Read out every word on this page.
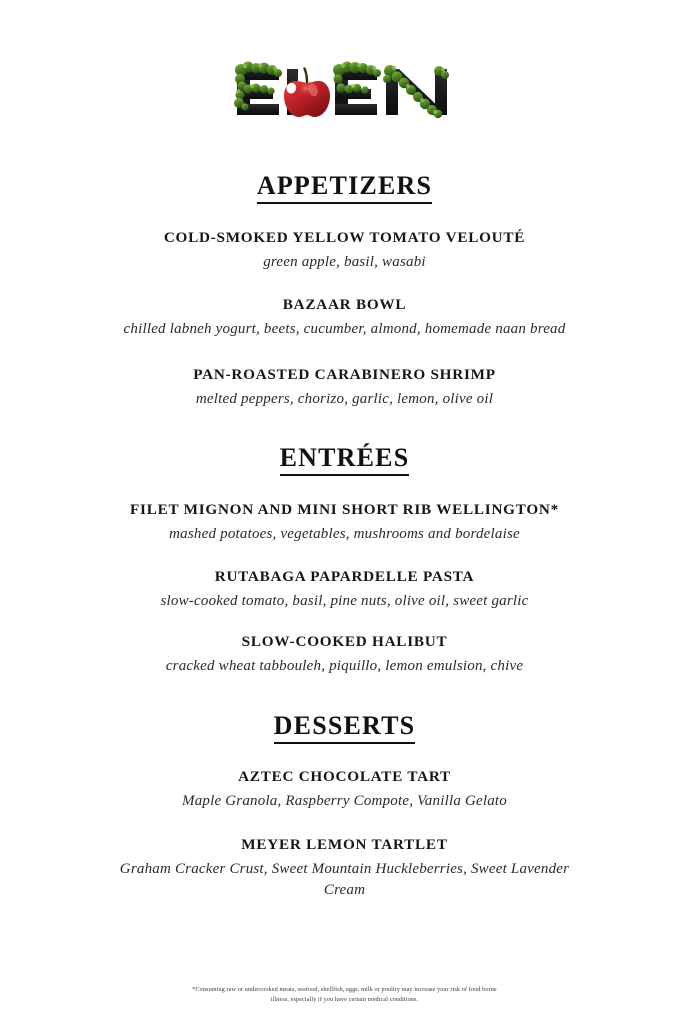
APPETIZERS
COLD-SMOKED YELLOW TOMATO VELOUTÉ
green apple, basil, wasabi
BAZAAR BOWL
chilled labneh yogurt, beets, cucumber, almond, homemade naan bread
PAN-ROASTED CARABINERO SHRIMP
melted peppers, chorizo, garlic, lemon, olive oil
ENTRÉES
FILET MIGNON AND MINI SHORT RIB WELLINGTON*
mashed potatoes, vegetables, mushrooms and bordelaise
RUTABAGA PAPARDELLE PASTA
slow-cooked tomato, basil, pine nuts, olive oil, sweet garlic
SLOW-COOKED HALIBUT
cracked wheat tabbouleh, piquillo, lemon emulsion, chive
DESSERTS
AZTEC CHOCOLATE TART
Maple Granola, Raspberry Compote, Vanilla Gelato
MEYER LEMON TARTLET
Graham Cracker Crust, Sweet Mountain Huckleberries, Sweet Lavender Cream
*Consuming raw or undercooked meats, seafood, shellfish, eggs, milk or poultry may increase your risk of food borne illness, especially if you have certain medical conditions.
